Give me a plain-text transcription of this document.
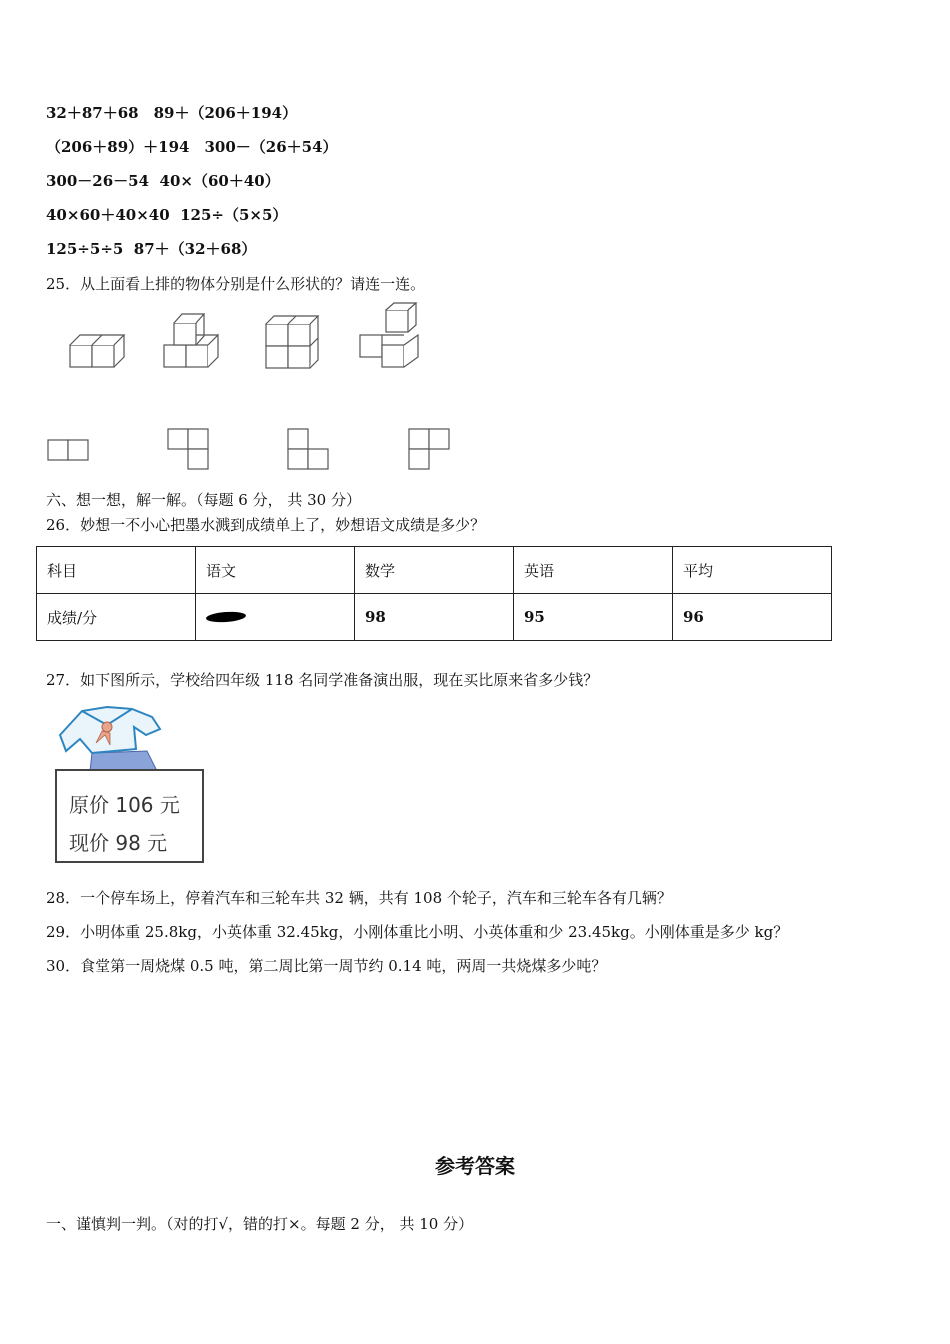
32＋87＋68　89＋（206＋194）
（206＋89）＋194　300－（26＋54）
300－26－54  40×（60＋40）
40×60＋40×40  125÷（5×5）
125÷5÷5  87＋（32＋68）
25．从上面看上排的物体分别是什么形状的？请连一连。
六、想一想，解一解。（每题 6 分， 共 30 分）
26．妙想一不小心把墨水溅到成绩单上了，妙想语文成绩是多少？
科目	语文	数学	英语	平均
成绩/分		98	95	96
27．如下图所示，学校给四年级 118 名同学准备演出服，现在买比原来省多少钱？
原价 106 元
现价 98 元
28．一个停车场上，停着汽车和三轮车共 32 辆，共有 108 个轮子，汽车和三轮车各有几辆？
29．小明体重 25.8kg，小英体重 32.45kg，小刚体重比小明、小英体重和少 23.45kg。小刚体重是多少 kg？
30．食堂第一周烧煤 0.5 吨，第二周比第一周节约 0.14 吨，两周一共烧煤多少吨？
参考答案
一、谨慎判一判。（对的打√，错的打×。每题 2 分， 共 10 分）
